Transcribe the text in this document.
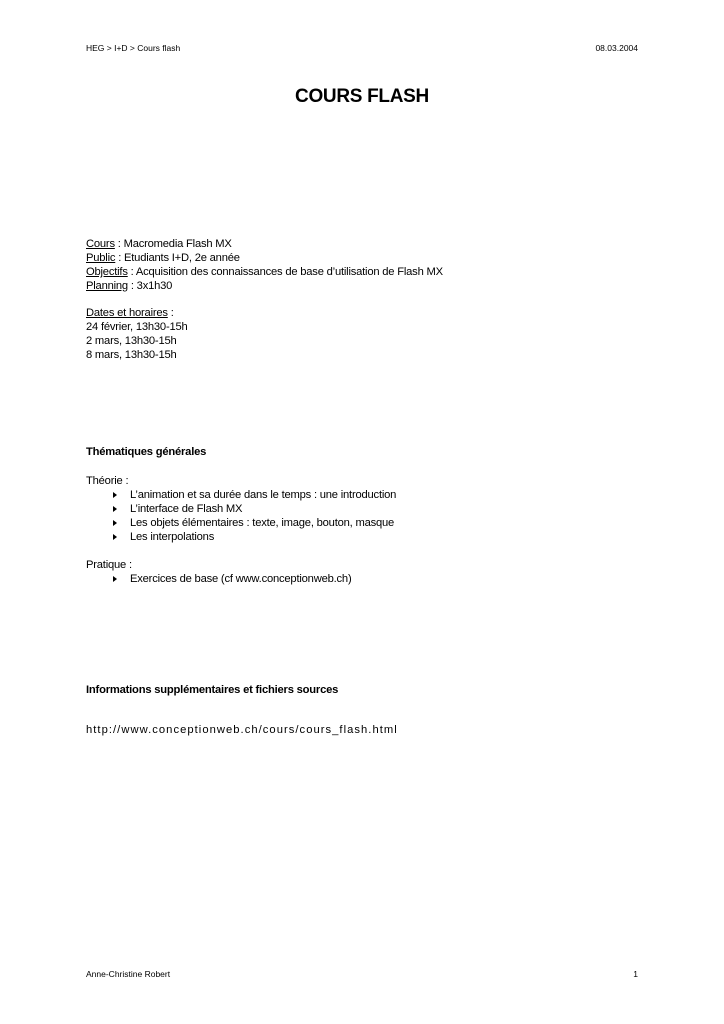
HEG > I+D > Cours flash	08.03.2004
COURS FLASH
Cours : Macromedia Flash MX
Public : Etudiants I+D, 2e année
Objectifs : Acquisition des connaissances de base d’utilisation de Flash MX
Planning : 3x1h30
Dates et horaires :
24 février, 13h30-15h
2 mars, 13h30-15h
8 mars, 13h30-15h
Thématiques générales
Théorie :
L’animation et sa durée dans le temps : une introduction
L’interface de Flash MX
Les objets élémentaires : texte, image, bouton, masque
Les interpolations
Pratique :
Exercices de base (cf www.conceptionweb.ch)
Informations supplémentaires et fichiers sources
http://www.conceptionweb.ch/cours/cours_flash.html
Anne-Christine Robert	1
